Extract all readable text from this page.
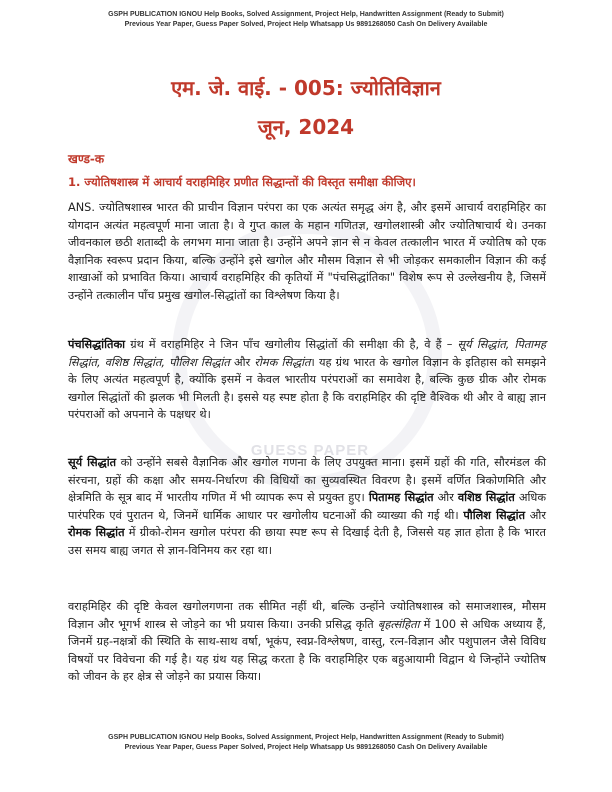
GUESS PAPER
GSPH PUBLICATION IGNOU Help Books, Solved Assignment, Project Help, Handwritten Assignment (Ready to Submit)
Previous Year Paper, Guess Paper Solved, Project Help Whatsapp Us 9891268050 Cash On Delivery Available
एम. जे. वाई. - 005: ज्योतिविज्ञान
जून, 2024
खण्ड-क
1. ज्योतिषशास्त्र में आचार्य वराहमिहिर प्रणीत सिद्धान्तों की विस्तृत समीक्षा कीजिए।
ANS. ज्योतिषशास्त्र भारत की प्राचीन विज्ञान परंपरा का एक अत्यंत समृद्ध अंग है, और इसमें आचार्य वराहमिहिर का योगदान अत्यंत महत्वपूर्ण माना जाता है। वे गुप्त काल के महान गणितज्ञ, खगोलशास्त्री और ज्योतिषाचार्य थे। उनका जीवनकाल छठी शताब्दी के लगभग माना जाता है। उन्होंने अपने ज्ञान से न केवल तत्कालीन भारत में ज्योतिष को एक वैज्ञानिक स्वरूप प्रदान किया, बल्कि उन्होंने इसे खगोल और मौसम विज्ञान से भी जोड़कर समकालीन विज्ञान की कई शाखाओं को प्रभावित किया। आचार्य वराहमिहिर की कृतियों में "पंचसिद्धांतिका" विशेष रूप से उल्लेखनीय है, जिसमें उन्होंने तत्कालीन पाँच प्रमुख खगोल-सिद्धांतों का विश्लेषण किया है।
पंचसिद्धांतिका ग्रंथ में वराहमिहिर ने जिन पाँच खगोलीय सिद्धांतों की समीक्षा की है, वे हैं – सूर्य सिद्धांत, पितामह सिद्धांत, वशिष्ठ सिद्धांत, पौलिश सिद्धांत और रोमक सिद्धांत। यह ग्रंथ भारत के खगोल विज्ञान के इतिहास को समझने के लिए अत्यंत महत्वपूर्ण है, क्योंकि इसमें न केवल भारतीय परंपराओं का समावेश है, बल्कि कुछ ग्रीक और रोमक खगोल सिद्धांतों की झलक भी मिलती है। इससे यह स्पष्ट होता है कि वराहमिहिर की दृष्टि वैश्विक थी और वे बाह्य ज्ञान परंपराओं को अपनाने के पक्षधर थे।
सूर्य सिद्धांत को उन्होंने सबसे वैज्ञानिक और खगोल गणना के लिए उपयुक्त माना। इसमें ग्रहों की गति, सौरमंडल की संरचना, ग्रहों की कक्षा और समय-निर्धारण की विधियों का सुव्यवस्थित विवरण है। इसमें वर्णित त्रिकोणमिति और क्षेत्रमिति के सूत्र बाद में भारतीय गणित में भी व्यापक रूप से प्रयुक्त हुए। पितामह सिद्धांत और वशिष्ठ सिद्धांत अधिक पारंपरिक एवं पुरातन थे, जिनमें धार्मिक आधार पर खगोलीय घटनाओं की व्याख्या की गई थी। पौलिश सिद्धांत और रोमक सिद्धांत में ग्रीको-रोमन खगोल परंपरा की छाया स्पष्ट रूप से दिखाई देती है, जिससे यह ज्ञात होता है कि भारत उस समय बाह्य जगत से ज्ञान-विनिमय कर रहा था।
वराहमिहिर की दृष्टि केवल खगोलगणना तक सीमित नहीं थी, बल्कि उन्होंने ज्योतिषशास्त्र को समाजशास्त्र, मौसम विज्ञान और भूगर्भ शास्त्र से जोड़ने का भी प्रयास किया। उनकी प्रसिद्ध कृति बृहत्संहिता में 100 से अधिक अध्याय हैं, जिनमें ग्रह-नक्षत्रों की स्थिति के साथ-साथ वर्षा, भूकंप, स्वप्न-विश्लेषण, वास्तु, रत्न-विज्ञान और पशुपालन जैसे विविध विषयों पर विवेचना की गई है। यह ग्रंथ यह सिद्ध करता है कि वराहमिहिर एक बहुआयामी विद्वान थे जिन्होंने ज्योतिष को जीवन के हर क्षेत्र से जोड़ने का प्रयास किया।
GSPH PUBLICATION IGNOU Help Books, Solved Assignment, Project Help, Handwritten Assignment (Ready to Submit)
Previous Year Paper, Guess Paper Solved, Project Help Whatsapp Us 9891268050 Cash On Delivery Available
